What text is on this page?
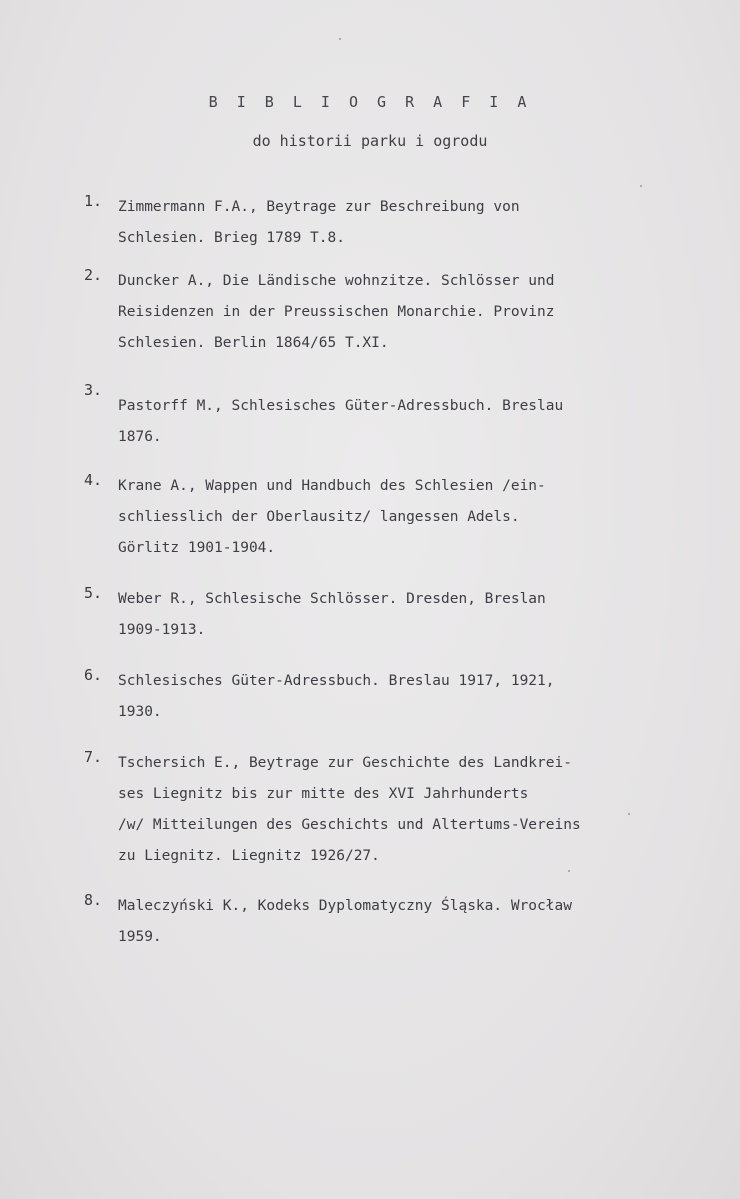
B I B L I O G R A F I A
do historii parku i ogrodu
1. Zimmermann F.A., Beytrage zur Beschreibung von
Schlesien. Brieg 1789 T.8.
2. Duncker A., Die Ländische wohnzitze. Schlösser und
Reisidenzen in der Preussischen Monarchie. Provinz
Schlesien. Berlin 1864/65 T.XI.
3.
Pastorff M., Schlesisches Güter-Adressbuch. Breslau
1876.
4. Krane A., Wappen und Handbuch des Schlesien /ein-
schliesslich der Oberlausitz/ langessen Adels.
Görlitz 1901-1904.
5. Weber R., Schlesische Schlösser. Dresden, Breslan
1909-1913.
6. Schlesisches Güter-Adressbuch. Breslau 1917, 1921,
1930.
7. Tschersich E., Beytrage zur Geschichte des Landkrei-
ses Liegnitz bis zur mitte des XVI Jahrhunderts
/w/ Mitteilungen des Geschichts und Altertums-Vereins
zu Liegnitz. Liegnitz 1926/27.
8. Maleczyński K., Kodeks Dyplomatyczny Śląska. Wrocław
1959.
